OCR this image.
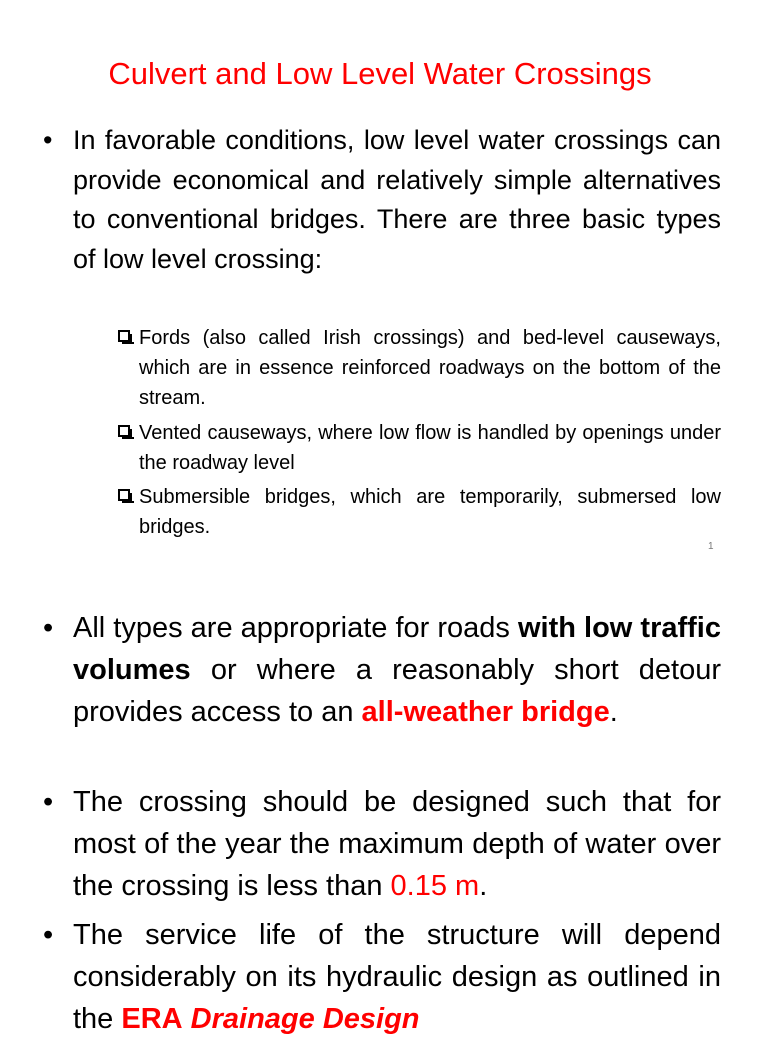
Culvert and Low Level Water Crossings
• In favorable conditions, low level water crossings can provide economical and relatively simple alternatives to conventional bridges. There are three basic types of low level crossing:
Fords (also called Irish crossings) and bed-level causeways, which are in essence reinforced roadways on the bottom of the stream.
Vented causeways, where low flow is handled by openings under the roadway level
Submersible bridges, which are temporarily, submersed low bridges.
1
• All types are appropriate for roads with low traffic volumes or where a reasonably short detour provides access to an all-weather bridge.
• The crossing should be designed such that for most of the year the maximum depth of water over the crossing is less than 0.15 m.
• The service life of the structure will depend considerably on its hydraulic design as outlined in the ERA Drainage Design
